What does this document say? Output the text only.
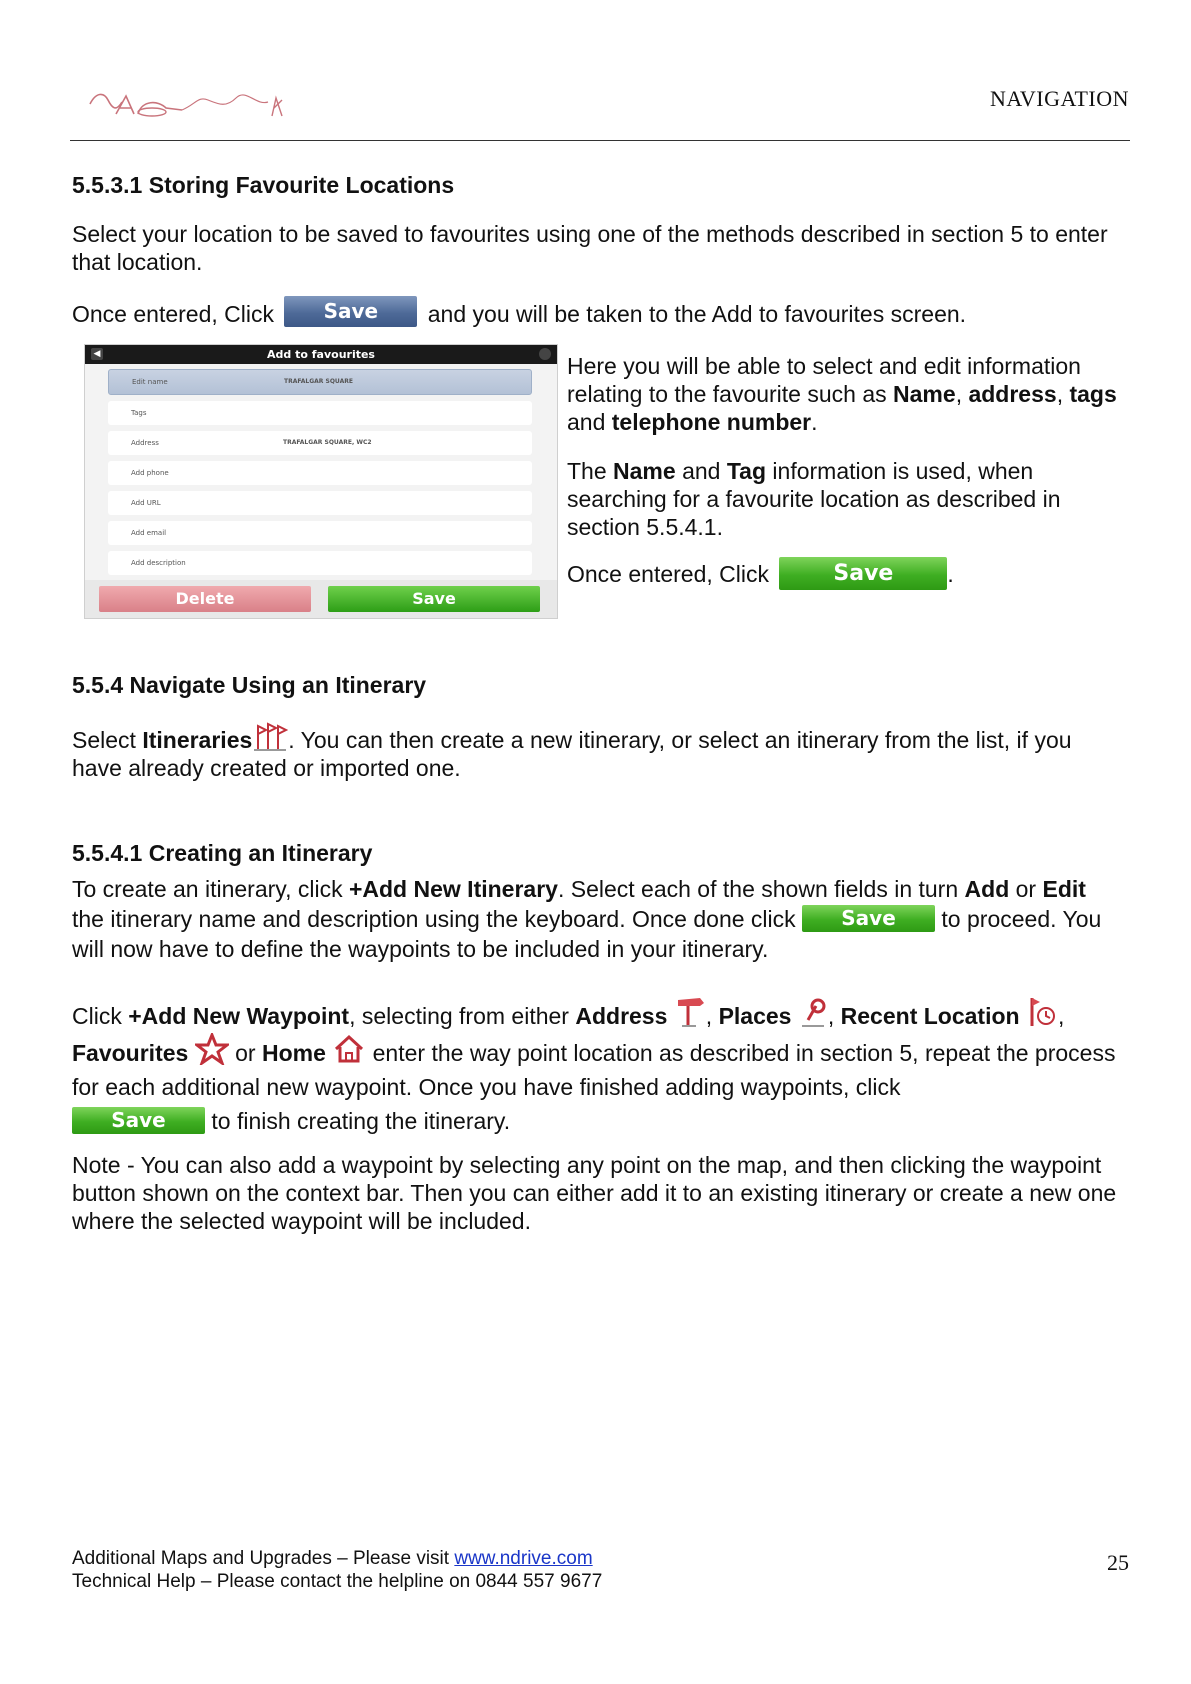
NAVIGATION
5.5.3.1 Storing Favourite Locations

Select your location to be saved to favourites using one of the methods described in section 5 to enter that location.

Once entered, Click Save and you will be taken to the Add to favourites screen.

◀	Add to favourites
Edit name	TRAFALGAR SQUARE
Tags
Address	TRAFALGAR SQUARE, WC2
Add phone
Add URL
Add email
Add description
Delete	Save

Here you will be able to select and edit information relating to the favourite such as Name, address, tags and telephone number.

The Name and Tag information is used, when searching for a favourite location as described in section 5.5.4.1.

Once entered, Click	Save .

5.5.4 Navigate Using an Itinerary

Select Itineraries . You can then create a new itinerary, or select an itinerary from the list, if you have already created or imported one.

5.5.4.1 Creating an Itinerary

To create an itinerary, click +Add New Itinerary. Select each of the shown fields in turn Add or Edit the itinerary name and description using the keyboard. Once done click Save to proceed. You will now have to define the waypoints to be included in your itinerary.

Click +Add New Waypoint, selecting from either Address , Places , Recent Location ,
Favourites  or Home  enter the way point location as described in section 5, repeat the process for each additional new waypoint. Once you have finished adding waypoints, click
Save to finish creating the itinerary.

Note - You can also add a waypoint by selecting any point on the map, and then clicking the waypoint button shown on the context bar. Then you can either add it to an existing itinerary or create a new one where the selected waypoint will be included.

Additional Maps and Upgrades – Please visit www.ndrive.com
Technical Help – Please contact the helpline on 0844 557 9677
25
